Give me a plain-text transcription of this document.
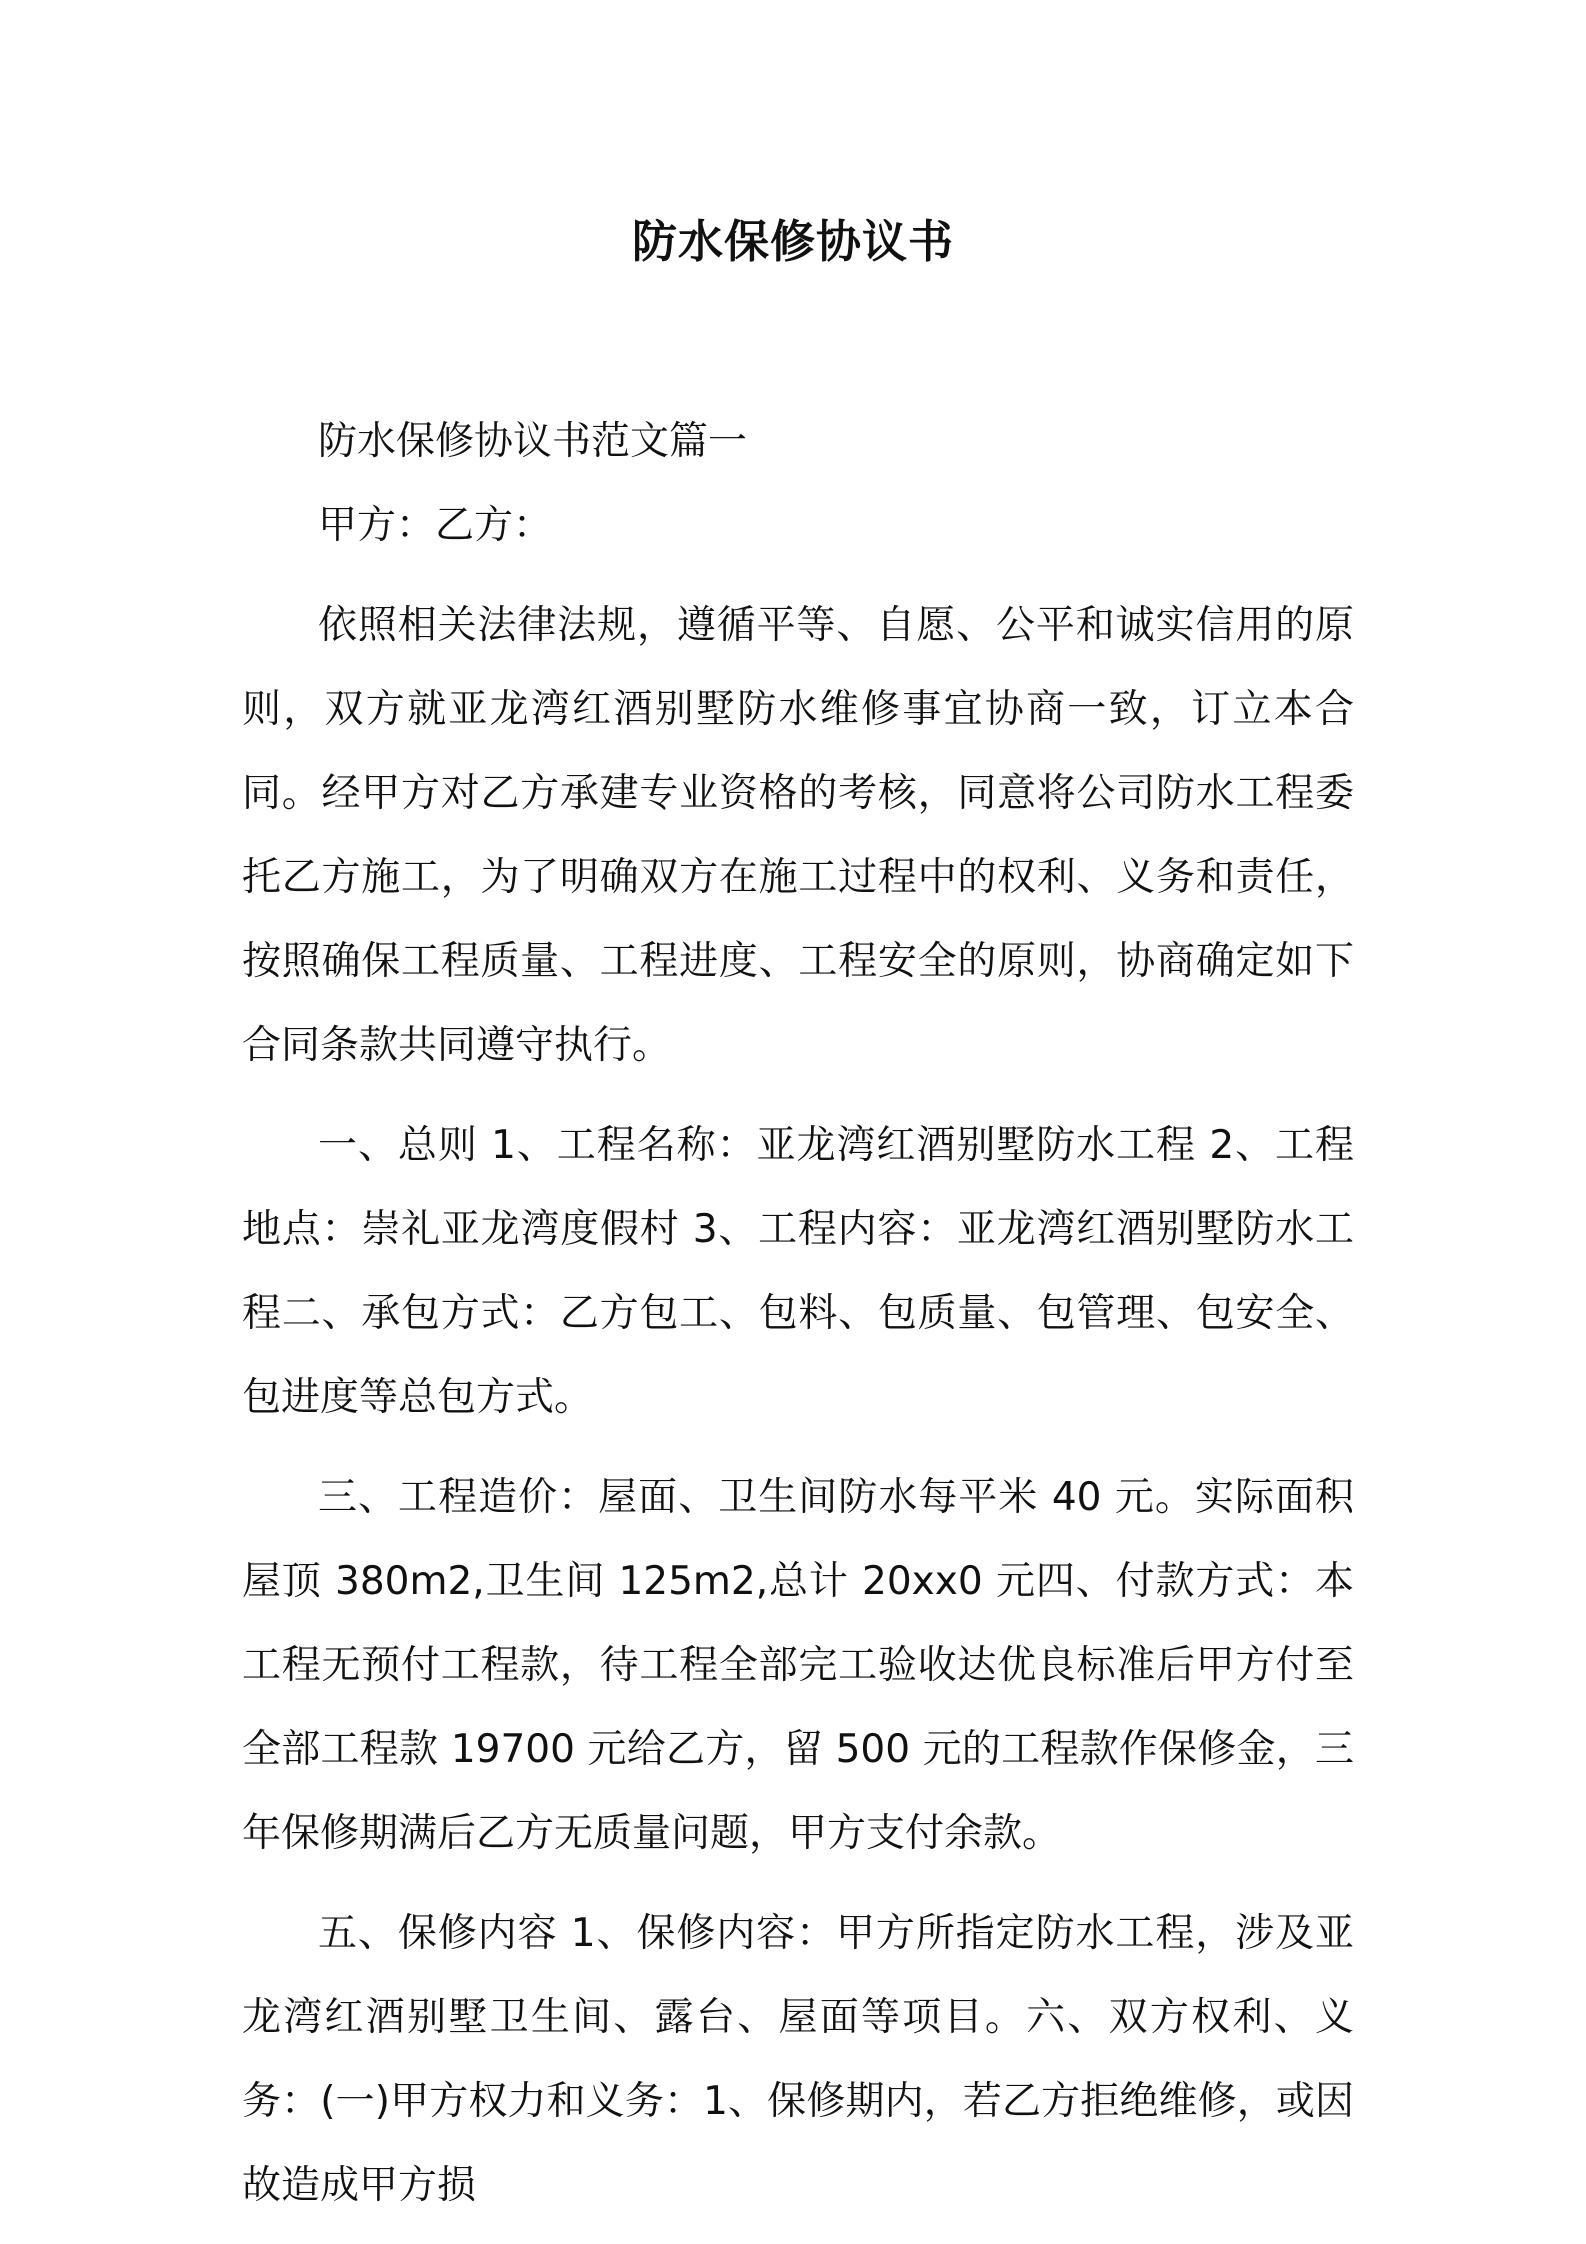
防水保修协议书

防水保修协议书范文篇一

甲方：乙方：

依照相关法律法规，遵循平等、自愿、公平和诚实信用的原则，双方就亚龙湾红酒别墅防水维修事宜协商一致，订立本合同。经甲方对乙方承建专业资格的考核，同意将公司防水工程委托乙方施工，为了明确双方在施工过程中的权利、义务和责任，按照确保工程质量、工程进度、工程安全的原则，协商确定如下合同条款共同遵守执行。

一、总则 1、工程名称：亚龙湾红酒别墅防水工程 2、工程地点：崇礼亚龙湾度假村 3、工程内容：亚龙湾红酒别墅防水工程二、承包方式：乙方包工、包料、包质量、包管理、包安全、包进度等总包方式。

三、工程造价：屋面、卫生间防水每平米 40 元。实际面积屋顶 380m2,卫生间 125m2,总计 20xx0 元四、付款方式：本工程无预付工程款，待工程全部完工验收达优良标准后甲方付至全部工程款 19700 元给乙方，留 500 元的工程款作保修金，三年保修期满后乙方无质量问题，甲方支付余款。

五、保修内容 1、保修内容：甲方所指定防水工程，涉及亚龙湾红酒别墅卫生间、露台、屋面等项目。六、双方权利、义务：(一)甲方权力和义务：1、保修期内，若乙方拒绝维修，或因故造成甲方损
